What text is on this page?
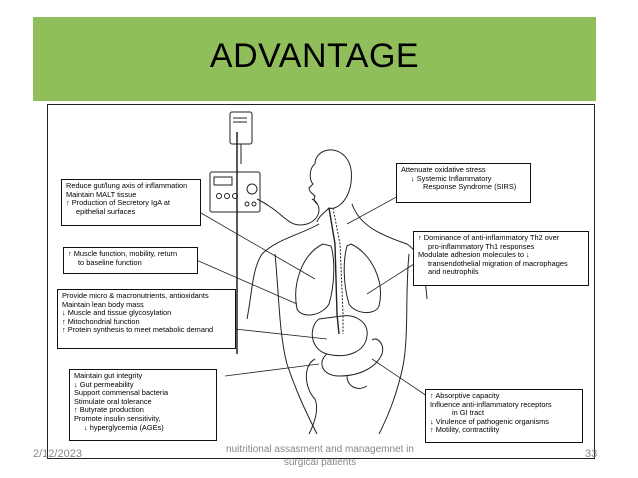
ADVANTAGE
Reduce gut/lung axis of inflammation
Maintain MALT tissue
↑ Production of Secretory IgA at
epithelial surfaces
↑ Muscle function, mobility, return
to baseline function
Provide micro & macronutrients, antioxidants
Maintain lean body mass
↓ Muscle and tissue glycosylation
↑ Mitochondrial function
↑ Protein synthesis to meet metabolic demand
Maintain gut integrity
↓ Gut permeability
Support commensal bacteria
Stimulate oral tolerance
↑ Butyrate production
Promote insulin sensitivity,
↓ hyperglycemia (AGEs)
Attenuate oxidative stress
↓ Systemic Inflammatory
Response Syndrome (SIRS)
↑ Dominance of anti-inflammatory Th2 over
pro-inflammatory Th1 responses
Modulate adhesion molecules to ↓
transendothelial migration of macrophages
and neutrophils
↑ Absorptive capacity
Influence anti-inflammatory receptors
in GI tract
↓ Virulence of pathogenic organisms
↑ Motility, contractility
2/12/2023	nuitritional assasment and managemnet in surgical patients
33
